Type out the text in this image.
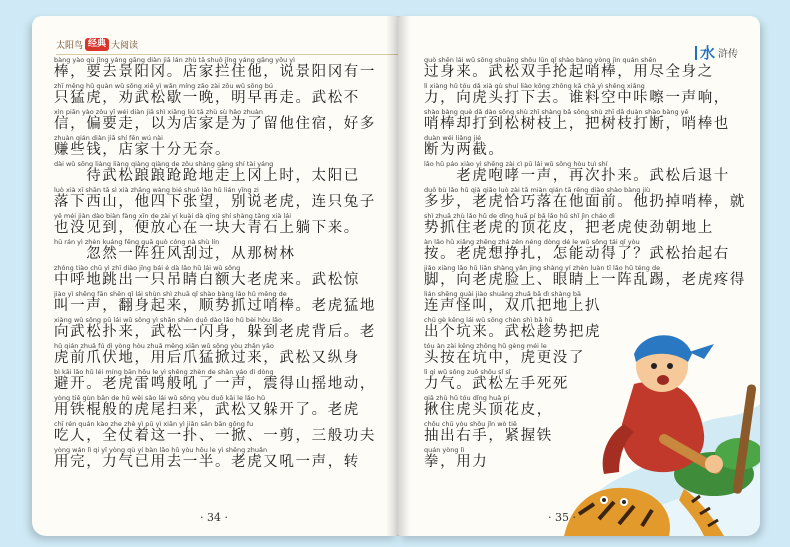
太阳鸟 经典 大阅读
bàng yào qù jǐng yáng gāng diàn jiā lán zhù tā shuō jǐng yáng gāng yǒu yì
棒，要去景阳冈。店家拦住他，说景阳冈有一
zhī měng hǔ quàn wǔ sōng xiē yì wǎn míng zǎo zài zǒu wǔ sōng bú
只猛虎，劝武松歇一晚，明早再走。武松不
xìn piān yào zǒu yǐ wéi diàn jiā shì xiǎng liú tā zhù sù hǎo zhuàn
信，偏要走，以为店家是为了留他住宿，好多
zhuàn qián diàn jiā shí fēn wú nài
赚些钱，店家十分无奈。
dài wǔ sōng liàng liàng qiàng qiàng de zǒu shàng gāng shí tài yáng
　　待武松踉踉跄跄地走上冈上时，太阳已
luò xià xī shān tā sì xià zhāng wàng bié shuō lǎo hǔ lián yǐng zi
落下西山，他四下张望，别说老虎，连只兔子
yě méi jiàn dào biàn fàng xīn de zài yí kuài dà qīng shí shàng tǎng xià lái
也没见到，便放心在一块大青石上躺下来。
hū rán yì zhèn kuáng fēng guā guò cóng nà shù lín
　　忽然一阵狂风刮过，从那树林
zhōng tiào chū yì zhī diào jīng bái é dà lǎo hǔ lái wǔ sōng
中呼地跳出一只吊睛白额大老虎来。武松惊
jiào yì shēng fān shēn qǐ lái shùn shì zhuā qǐ shào bàng lǎo hǔ měng de
叫一声，翻身起来，顺势抓过哨棒。老虎猛地
xiàng wǔ sōng pū lái wǔ sōng yì shǎn shēn duǒ dào lǎo hǔ bèi hòu lǎo
向武松扑来，武松一闪身，躲到老虎背后。老
hǔ qián zhuǎ fú dì yòng hòu zhuǎ měng xiān wǔ sōng yòu zhǎn yāo
虎前爪伏地，用后爪猛掀过来，武松又纵身
bì kāi lǎo hǔ léi míng bān hǒu le yì shēng zhèn de shān yáo dì dòng
避开。老虎雷鸣般吼了一声，震得山摇地动，
yòng tiě gùn bān de hǔ wěi sǎo lái wǔ sōng yòu duǒ kāi le lǎo hǔ
用铁棍般的虎尾扫来，武松又躲开了。老虎
chī rén quán kào zhe zhè yì pū yì xiān yì jiǎn sān bān gōng fu
吃人，全仗着这一扑、一掀、一剪，三般功夫
yòng wán lì qi yǐ yòng qù yí bàn lǎo hǔ yòu hǒu le yì shēng zhuǎn
用完，力气已用去一半。老虎又吼一声，转
· 34 ·
水 浒传
guò shēn lái wǔ sōng shuāng shǒu lūn qǐ shào bàng yòng jìn quán shēn
过身来。武松双手抡起哨棒，用尽全身之
lì xiàng hǔ tóu dǎ xià qù shuí liào kōng zhōng kā chā yì shēng xiǎng
力，向虎头打下去。谁料空中咔嚓一声响，
shào bàng què dǎ dào sōng shù zhī shàng bǎ sōng shù zhī dǎ duàn shào bàng yě
哨棒却打到松树枝上，把树枝打断，哨棒也
duàn wéi liǎng jié
断为两截。
lǎo hǔ páo xiào yì shēng zài cì pū lái wǔ sōng hòu tuì shí
　　老虎咆哮一声，再次扑来。武松后退十
duō bù lǎo hǔ qià qiǎo luò zài tā miàn qián tā rēng diào shào bàng jiù
多步，老虎恰巧落在他面前。他扔掉哨棒，就
shì zhuā zhù lǎo hǔ de dǐng huā pí bǎ lǎo hǔ shǐ jìn cháo dì
势抓住老虎的顶花皮，把老虎使劲朝地上
àn lǎo hǔ xiǎng zhēng zhá zěn néng dòng dé le wǔ sōng tái qǐ yòu
按。老虎想挣扎，怎能动得了？武松抬起右
jiǎo xiàng lǎo hǔ liǎn shàng yǎn jing shàng yí zhèn luàn tī lǎo hǔ téng de
脚，向老虎脸上、眼睛上一阵乱踢，老虎疼得
lián shēng guài jiào shuāng zhuǎ bǎ dì shàng bā
连声怪叫，双爪把地上扒
chū gè kēng lái wǔ sōng chèn shì bǎ hǔ
出个坑来。武松趁势把虎
tóu àn zài kēng zhōng hǔ gèng méi le
头按在坑中，虎更没了
lì qi wǔ sōng zuǒ shǒu sǐ sǐ
力气。武松左手死死
qiā zhù hǔ tóu dǐng huā pí
揪住虎头顶花皮，
chōu chū yòu shǒu jǐn wò tiě
抽出右手，紧握铁
quán yòng lì
拳，用力
· 35 ·
